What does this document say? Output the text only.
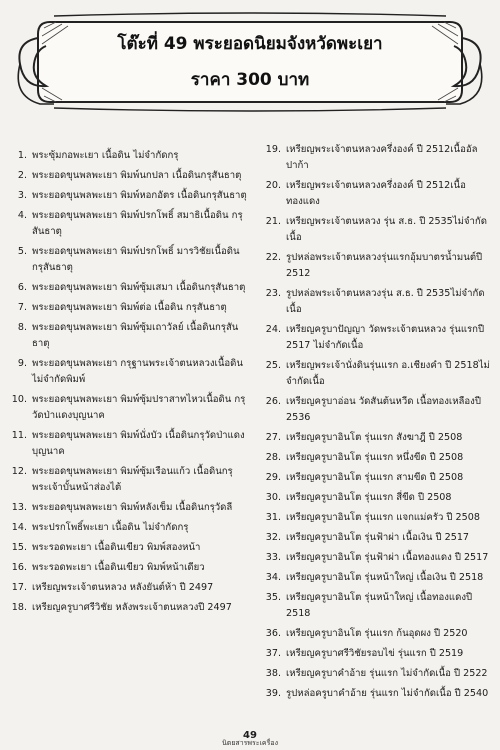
โต๊ะที่ 49 พระยอดนิยมจังหวัดพะเยา
ราคา 300 บาท
1. พระซุ้มกอพะเยา เนื้อดิน ไม่จำกัดกรุ
2. พระยอดขุนพลพะเยา พิมพ์นกปลา เนื้อดินกรุสันธาตุ
3. พระยอดขุนพลพะเยา พิมพ์หอกอัตร เนื้อดินกรุสันธาตุ
4. พระยอดขุนพลพะเยา พิมพ์ปรกโพธิ์ สมาธิเนื้อดิน กรุสันธาตุ
5. พระยอดขุนพลพะเยา พิมพ์ปรกโพธิ์ มารวิชัยเนื้อดิน กรุสันธาตุ
6. พระยอดขุนพลพะเยา พิมพ์ซุ้มเสมา เนื้อดินกรุสันธาตุ
7. พระยอดขุนพลพะเยา พิมพ์ต่อ เนื้อดิน กรุสันธาตุ
8. พระยอดขุนพลพะเยา พิมพ์ซุ้มเถาวัลย์ เนื้อดินกรุสันธาตุ
9. พระยอดขุนพลพะเยา กรุฐานพระเจ้าตนหลวงเนื้อดิน ไม่จำกัดพิมพ์
10. พระยอดขุนพลพะเยา พิมพ์ซุ้มปราสาทไหวเนื้อดิน กรุวัดป่าแดงบุญนาค
11. พระยอดขุนพลพะเยา พิมพ์นั่งบัว เนื้อดินกรุวัดป่าแดงบุญนาค
12. พระยอดขุนพลพะเยา พิมพ์ซุ้มเรือนแก้ว เนื้อดินกรุพระเจ้าบั้นหน้าส่องไต้
13. พระยอดขุนพลพะเยา พิมพ์หลังเข็ม เนื้อดินกรุวัดลี
14. พระปรกโพธิ์พะเยา เนื้อดิน ไม่จำกัดกรุ
15. พระรอดพะเยา เนื้อดินเขียว พิมพ์สองหน้า
16. พระรอดพะเยา เนื้อดินเขียว พิมพ์หน้าเดียว
17. เหรียญพระเจ้าตนหลวง หลังยันต์ห้า ปี 2497
18. เหรียญครูบาศรีวิชัย หลังพระเจ้าตนหลวงปี 2497
19. เหรียญพระเจ้าตนหลวงครึ่งองค์ ปี 2512เนื้ออัลปาก้า
20. เหรียญพระเจ้าตนหลวงครึ่งองค์ ปี 2512เนื้อทองแดง
21. เหรียญพระเจ้าตนหลวง รุ่น ส.ธ. ปี 2535ไม่จำกัดเนื้อ
22. รูปหล่อพระเจ้าตนหลวงรุ่นแรกอุ้มบาตรน้ำมนต์ปี 2512
23. รูปหล่อพระเจ้าตนหลวงรุ่น ส.ธ. ปี 2535ไม่จำกัดเนื้อ
24. เหรียญครูบาปัญญา วัดพระเจ้าตนหลวง รุ่นแรกปี 2517 ไม่จำกัดเนื้อ
25. เหรียญพระเจ้านั่งดินรุ่นแรก อ.เชียงคำ ปี 2518ไม่จำกัดเนื้อ
26. เหรียญครูบาอ่อน วัดสันต้นหวีด เนื้อทองเหลืองปี 2536
27. เหรียญครูบาอินโต รุ่นแรก สังฆาฎี ปี 2508
28. เหรียญครูบาอินโต รุ่นแรก หนึ่งขีด ปี 2508
29. เหรียญครูบาอินโต รุ่นแรก สามขีด ปี 2508
30. เหรียญครูบาอินโต รุ่นแรก สี่ขีด ปี 2508
31. เหรียญครูบาอินโต รุ่นแรก แจกแม่ครัว ปี 2508
32. เหรียญครูบาอินโต รุ่นฟ้าผ่า เนื้อเงิน ปี 2517
33. เหรียญครูบาอินโต รุ่นฟ้าผ่า เนื้อทองแดง ปี 2517
34. เหรียญครูบาอินโต รุ่นหน้าใหญ่ เนื้อเงิน ปี 2518
35. เหรียญครูบาอินโต รุ่นหน้าใหญ่ เนื้อทองแดงปี 2518
36. เหรียญครูบาอินโต รุ่นแรก ก้นอุดผง ปี 2520
37. เหรียญครูบาศรีวิชัยรอบไข่ รุ่นแรก ปี 2519
38. เหรียญครูบาคำอ้าย รุ่นแรก ไม่จำกัดเนื้อ ปี 2522
39. รูปหล่อครูบาคำอ้าย รุ่นแรก ไม่จำกัดเนื้อ ปี 2540
49
นิตยสารพระเครื่อง
